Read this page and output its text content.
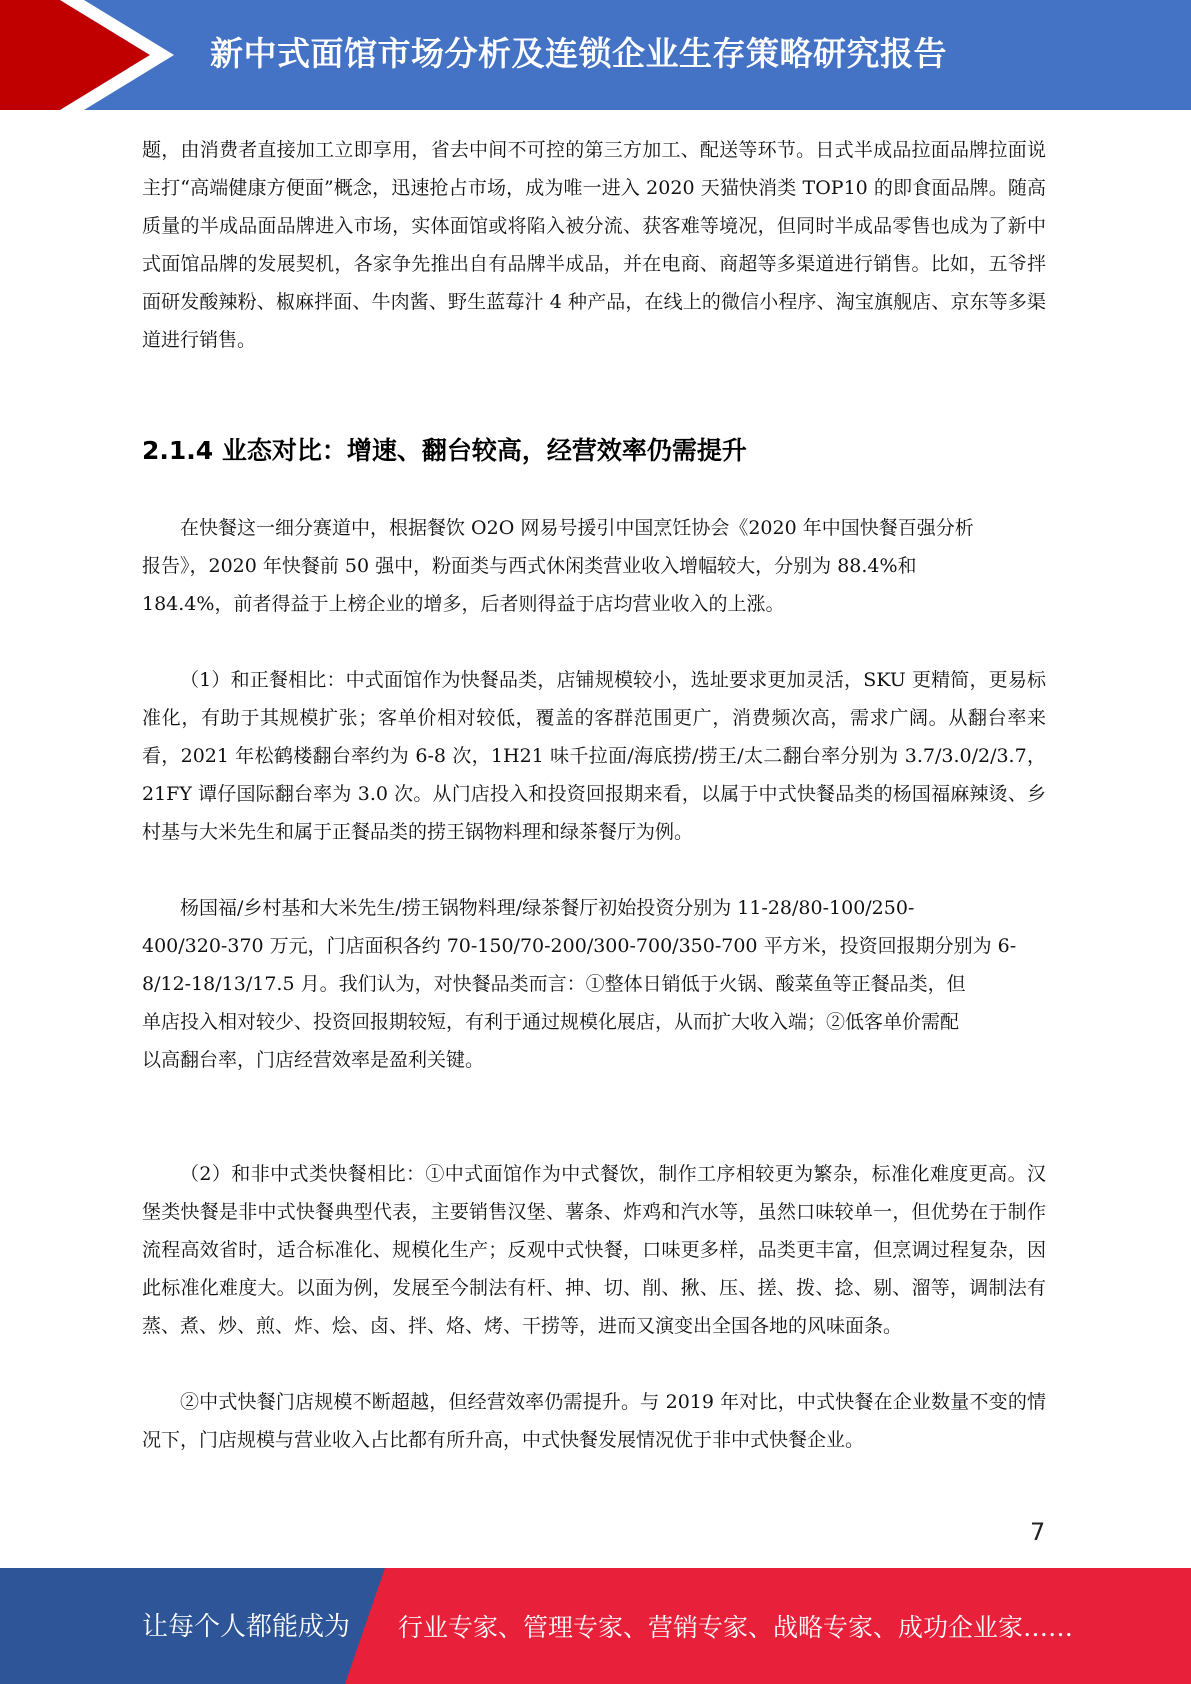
新中式面馆市场分析及连锁企业生存策略研究报告

题，由消费者直接加工立即享用，省去中间不可控的第三方加工、配送等环节。日式半成品拉面品牌拉面说主打“高端健康方便面”概念，迅速抢占市场，成为唯一进入 2020 天猫快消类 TOP10 的即食面品牌。随高质量的半成品面品牌进入市场，实体面馆或将陷入被分流、获客难等境况，但同时半成品零售也成为了新中式面馆品牌的发展契机，各家争先推出自有品牌半成品，并在电商、商超等多渠道进行销售。比如，五爷拌面研发酸辣粉、椒麻拌面、牛肉酱、野生蓝莓汁 4 种产品，在线上的微信小程序、淘宝旗舰店、京东等多渠道进行销售。

2.1.4 业态对比：增速、翻台较高，经营效率仍需提升

在快餐这一细分赛道中，根据餐饮 O2O 网易号援引中国烹饪协会《2020 年中国快餐百强分析

报告》，2020 年快餐前 50 强中，粉面类与西式休闲类营业收入增幅较大，分别为 88.4%和

184.4%，前者得益于上榜企业的增多，后者则得益于店均营业收入的上涨。

（1）和正餐相比：中式面馆作为快餐品类，店铺规模较小，选址要求更加灵活，SKU 更精简，更易标准化，有助于其规模扩张；客单价相对较低，覆盖的客群范围更广，消费频次高，需求广阔。从翻台率来看，2021 年松鹤楼翻台率约为 6-8 次，1H21 味千拉面/海底捞/捞王/太二翻台率分别为 3.7/3.0/2/3.7，21FY 谭仔国际翻台率为 3.0 次。从门店投入和投资回报期来看，以属于中式快餐品类的杨国福麻辣烫、乡村基与大米先生和属于正餐品类的捞王锅物料理和绿茶餐厅为例。

杨国福/乡村基和大米先生/捞王锅物料理/绿茶餐厅初始投资分别为 11-28/80-100/250-

400/320-370 万元，门店面积各约 70-150/70-200/300-700/350-700 平方米，投资回报期分别为 6-

8/12-18/13/17.5 月。我们认为，对快餐品类而言：①整体日销低于火锅、酸菜鱼等正餐品类，但

单店投入相对较少、投资回报期较短，有利于通过规模化展店，从而扩大收入端；②低客单价需配

以高翻台率，门店经营效率是盈利关键。

（2）和非中式类快餐相比：①中式面馆作为中式餐饮，制作工序相较更为繁杂，标准化难度更高。汉堡类快餐是非中式快餐典型代表，主要销售汉堡、薯条、炸鸡和汽水等，虽然口味较单一，但优势在于制作流程高效省时，适合标准化、规模化生产；反观中式快餐，口味更多样，品类更丰富，但烹调过程复杂，因此标准化难度大。以面为例，发展至今制法有杆、抻、切、削、揪、压、搓、拨、捻、剔、溜等，调制法有蒸、煮、炒、煎、炸、烩、卤、拌、烙、烤、干捞等，进而又演变出全国各地的风味面条。

②中式快餐门店规模不断超越，但经营效率仍需提升。与 2019 年对比，中式快餐在企业数量不变的情况下，门店规模与营业收入占比都有所升高，中式快餐发展情况优于非中式快餐企业。

7
让每个人都能成为 行业专家、管理专家、营销专家、战略专家、成功企业家……
